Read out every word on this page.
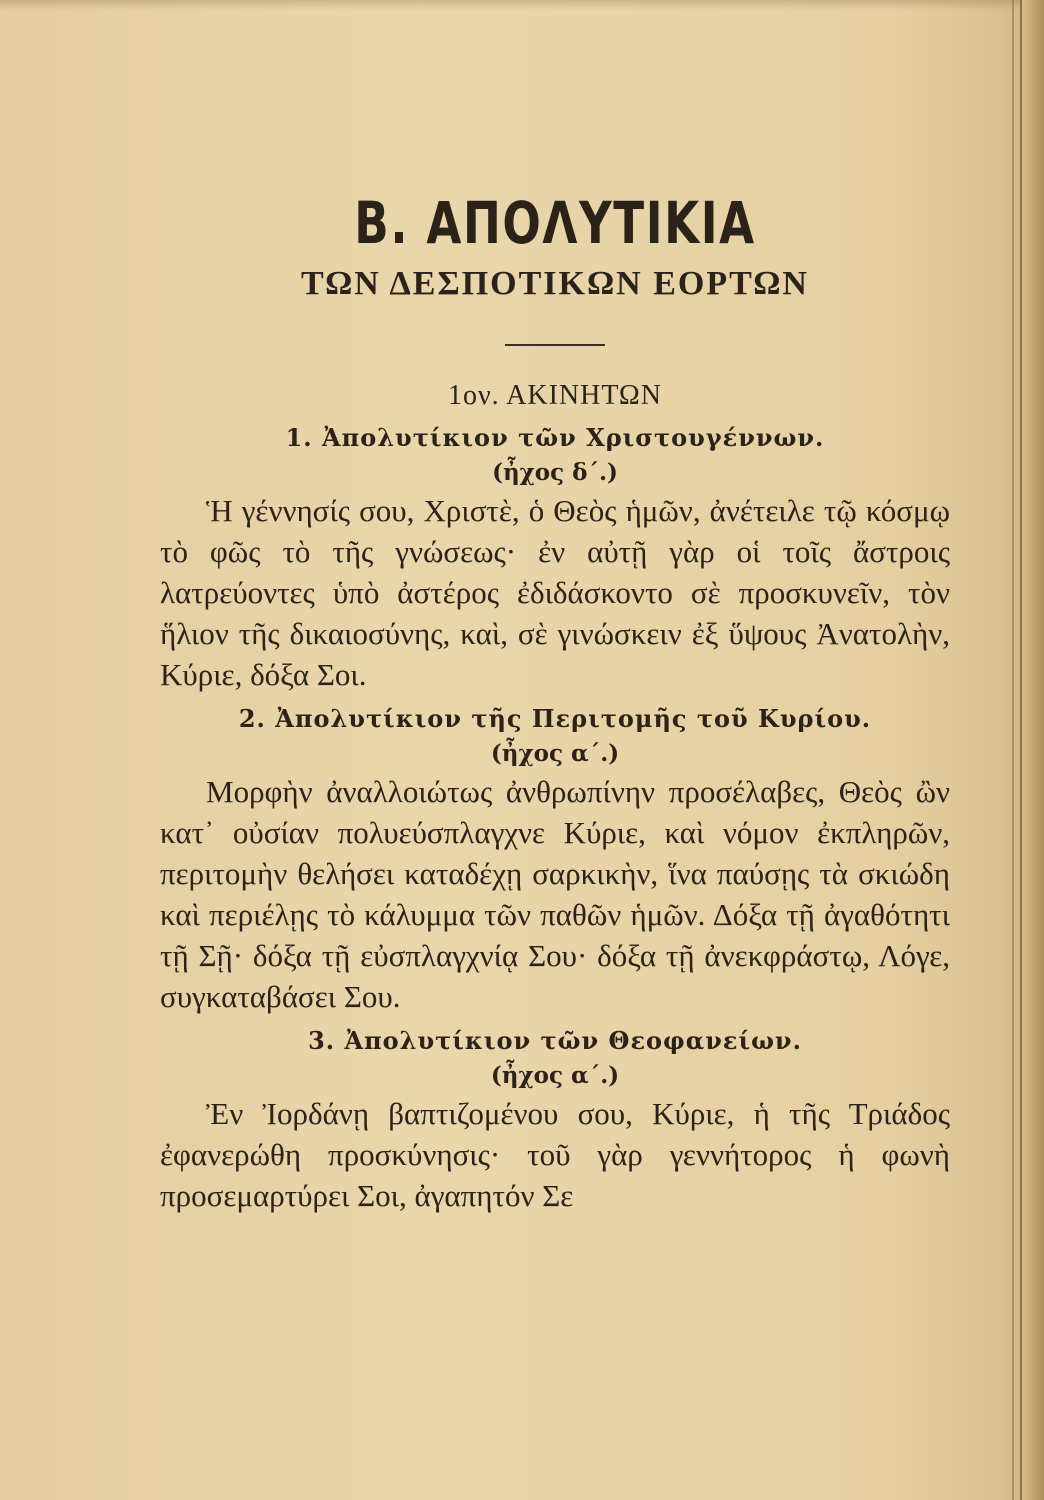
Β. ΑΠΟΛΥΤΙΚΙΑ
ΤΩΝ ΔΕΣΠΟΤΙΚΩΝ ΕΟΡΤΩΝ
1ον. ΑΚΙΝΗΤΩΝ
1. Ἀπολυτίκιον τῶν Χριστουγέννων.
(ἦχος δ΄.)

Ἡ γέννησίς σου, Χριστὲ, ὁ Θεὸς ἡμῶν, ἀνέτειλε τῷ κόσμῳ τὸ φῶς τὸ τῆς γνώσεως· ἐν αὐτῇ γὰρ οἱ τοῖς ἄστροις λατρεύοντες ὑπὸ ἀστέρος ἐδιδάσκοντο σὲ προσκυνεῖν, τὸν ἥλιον τῆς δικαιοσύνης, καὶ, σὲ γινώσκειν ἐξ ὕψους Ἀνατολὴν, Κύριε, δόξα Σοι.

2. Ἀπολυτίκιον τῆς Περιτομῆς τοῦ Κυρίου.
(ἦχος α΄.)

Μορφὴν ἀναλλοιώτως ἀνθρωπίνην προσέλαβες, Θεὸς ὢν κατ᾿ οὐσίαν πολυεύσπλαγχνε Κύριε, καὶ νόμον ἐκπληρῶν, περιτομὴν θελήσει καταδέχῃ σαρκικὴν, ἵνα παύσῃς τὰ σκιώδη καὶ περιέλῃς τὸ κάλυμμα τῶν παθῶν ἡμῶν. Δόξα τῇ ἀγαθότητι τῇ Σῇ· δόξα τῇ εὐσπλαγχνίᾳ Σου· δόξα τῇ ἀνεκφράστῳ, Λόγε, συγκαταβάσει Σου.

3. Ἀπολυτίκιον τῶν Θεοφανείων.
(ἦχος α΄.)

Ἐν Ἰορδάνῃ βαπτιζομένου σου, Κύριε, ἡ τῆς Τριάδος ἐφανερώθη προσκύνησις· τοῦ γὰρ γεννήτορος ἡ φωνὴ προσεμαρτύρει Σοι, ἀγαπητόν Σε
